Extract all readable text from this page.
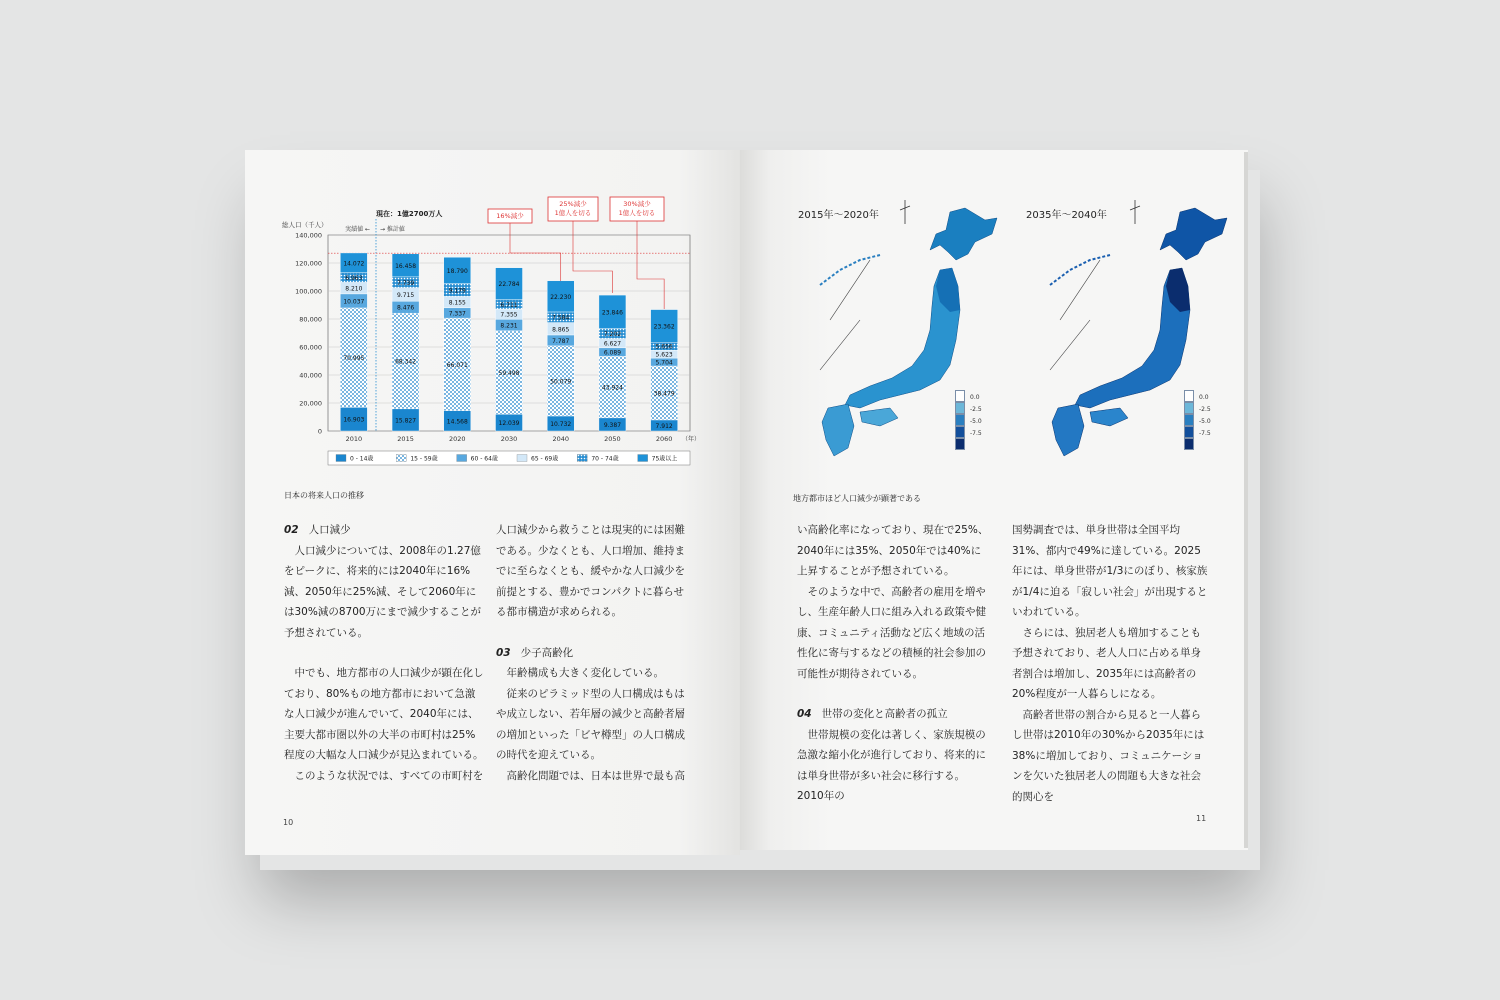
0
20,000
40,000
60,000
80,000
100,000
120,000
140,000
総人口（千人）
実績値 ← → 推計値
現在：1億2700万人
16.903
70.995
10.037
8.210
6.963
14.072
2010
15.827
68.342
8.476
9.715
7.739
16.458
2015
14.568
66.071
7.337
8.155
9.179
18.790
2020
12.039
59.498
8.231
7.355
6.711
22.784
2030
10.732
50.079
7.787
8.865
7.584
22.230
2040
9.387
43.924
6.089
6.627
7.202
23.846
2050
7.912
38.479
5.704
5.623
5.656
23.362
2060 （年）
16%減少
25%減少
1億人を切る
30%減少
1億人を切る
0 - 14歳	15 - 59歳	60 - 64歳	65 - 69歳	70 - 74歳	75歳以上
日本の将来人口の推移
2015年〜2020年	2035年〜2040年
0.0
-2.5
-5.0
-7.5
0.0
-2.5
-5.0
-7.5
地方都市ほど人口減少が顕著である

02 人口減少

人口減少については、2008年の1.27億をピークに、将来的には2040年に16%減、2050年に25%減、そして2060年には30%減の8700万にまで減少することが予想されている。

中でも、地方都市の人口減少が顕在化しており、80%もの地方都市において急激な人口減少が進んでいて、2040年には、主要大都市圏以外の大半の市町村は25%程度の大幅な人口減少が見込まれている。

このような状況では、すべての市町村を

人口減少から救うことは現実的には困難である。少なくとも、人口増加、維持までに至らなくとも、緩やかな人口減少を前提とする、豊かでコンパクトに暮らせる都市構造が求められる。

03 少子高齢化

年齢構成も大きく変化している。

従来のピラミッド型の人口構成はもはや成立しない、若年層の減少と高齢者層の増加といった「ビヤ樽型」の人口構成の時代を迎えている。

高齢化問題では、日本は世界で最も高

い高齢化率になっており、現在で25%、2040年には35%、2050年では40%に上昇することが予想されている。

そのような中で、高齢者の雇用を増やし、生産年齢人口に組み入れる政策や健康、コミュニティ活動など広く地域の活性化に寄与するなどの積極的社会参加の可能性が期待されている。

04 世帯の変化と高齢者の孤立

世帯規模の変化は著しく、家族規模の急激な縮小化が進行しており、将来的には単身世帯が多い社会に移行する。2010年の

国勢調査では、単身世帯は全国平均31%、都内で49%に達している。2025年には、単身世帯が1/3にのぼり、核家族が1/4に迫る「寂しい社会」が出現するといわれている。

さらには、独居老人も増加することも予想されており、老人人口に占める単身者割合は増加し、2035年には高齢者の20%程度が一人暮らしになる。

高齢者世帯の割合から見ると一人暮らし世帯は2010年の30%から2035年には38%に増加しており、コミュニケーションを欠いた独居老人の問題も大きな社会的関心を

10	11
